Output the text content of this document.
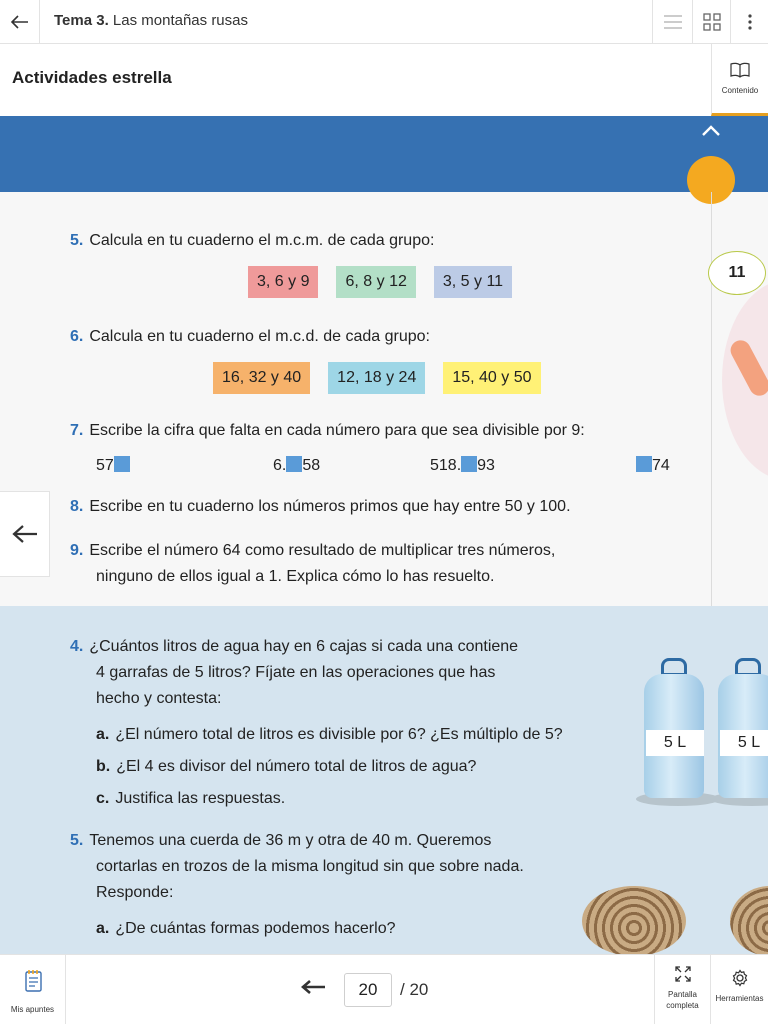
Tema 3. Las montañas rusas
Actividades estrella
Contenido
11
5. Calcula en tu cuaderno el m.c.m. de cada grupo:
3, 6 y 9	6, 8 y 12	3, 5 y 11
6. Calcula en tu cuaderno el m.c.d. de cada grupo:
16, 32 y 40	12, 18 y 24	15, 40 y 50
7. Escribe la cifra que falta en cada número para que sea divisible por 9:
57	6. 58	518. 93	74
8. Escribe en tu cuaderno los números primos que hay entre 50 y 100.
9. Escribe el número 64 como resultado de multiplicar tres números,
ninguno de ellos igual a 1. Explica cómo lo has resuelto.
4. ¿Cuántos litros de agua hay en 6 cajas si cada una contiene
4 garrafas de 5 litros? Fíjate en las operaciones que has
hecho y contesta:
a. ¿El número total de litros es divisible por 6? ¿Es múltiplo de 5?
b. ¿El 4 es divisor del número total de litros de agua?
c. Justifica las respuestas.
5. Tenemos una cuerda de 36 m y otra de 40 m. Queremos
cortarlas en trozos de la misma longitud sin que sobre nada.
Responde:
a. ¿De cuántas formas podemos hacerlo?
5 L	5 L
Mis apuntes
20
/ 20	Pantalla
completa
Herramientas
